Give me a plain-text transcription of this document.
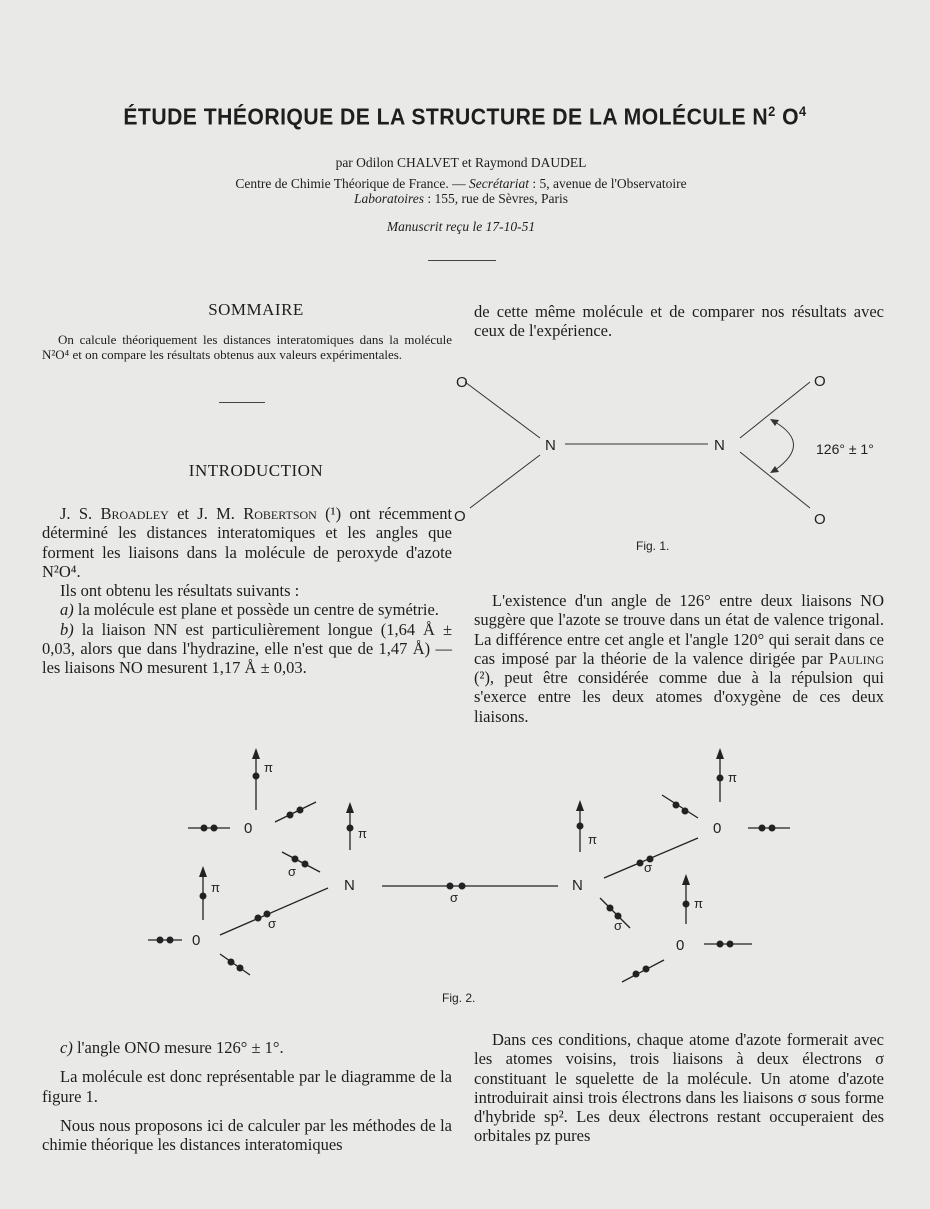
ÉTUDE THÉORIQUE DE LA STRUCTURE DE LA MOLÉCULE $N^2$ $O^4$
par Odilon CHALVET et Raymond DAUDEL
Centre de Chimie Théorique de France. — Secrétariat : 5, avenue de l'Observatoire
Laboratoires : 155, rue de Sèvres, Paris
Manuscrit reçu le 17-10-51
SOMMAIRE
On calcule théoriquement les distances interatomiques dans la molécule N²O⁴ et on compare les résultats obtenus aux valeurs expérimentales.
INTRODUCTION

J. S. Broadley et J. M. Robertson (¹) ont récemment déterminé les distances interatomiques et les angles que forment les liaisons dans la molécule de peroxyde d'azote N²O⁴.

Ils ont obtenu les résultats suivants :

a) la molécule est plane et possède un centre de symétrie.

b) la liaison NN est particulièrement longue (1,64 Å ± 0,03, alors que dans l'hydrazine, elle n'est que de 1,47 Å) — les liaisons NO mesurent 1,17 Å ± 0,03.

de cette même molécule et de comparer nos résultats avec ceux de l'expérience.
O
O
N	N
O
O
126° ± 1°
Fig. 1.

L'existence d'un angle de 126° entre deux liaisons NO suggère que l'azote se trouve dans un état de valence trigonal. La différence entre cet angle et l'angle 120° qui serait dans ce cas imposé par la théorie de la valence dirigée par Pauling (²), peut être considérée comme due à la répulsion qui s'exerce entre les deux atomes d'oxygène de ces deux liaisons.

0
N
0
N
0
0
π
π
π
π
π
π
σ
σ
σ
σ
σ
Fig. 2.

c) l'angle ONO mesure 126° ± 1°.

La molécule est donc représentable par le diagramme de la figure 1.

Nous nous proposons ici de calculer par les méthodes de la chimie théorique les distances interatomiques

Dans ces conditions, chaque atome d'azote formerait avec les atomes voisins, trois liaisons à deux électrons σ constituant le squelette de la molécule. Un atome d'azote introduirait ainsi trois électrons dans les liaisons σ sous forme d'hybride sp². Les deux électrons restant occuperaient des orbitales pz pures
